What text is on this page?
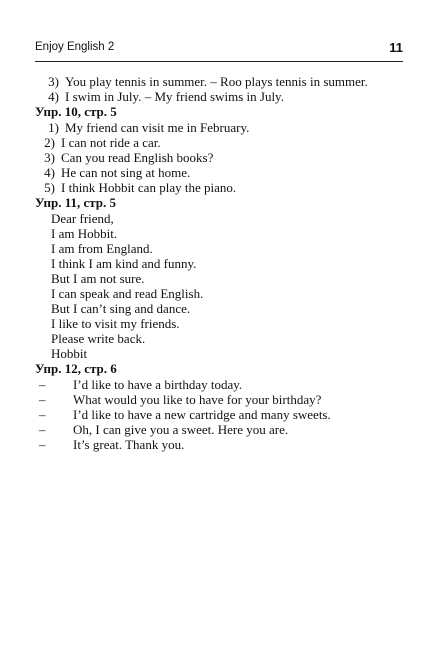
Enjoy English 2	11
3) You play tennis in summer. – Roo plays tennis in summer.
4) I swim in July. – My friend swims in July.
Упр. 10, стр. 5
1) My friend can visit me in February.
2) I can not ride a car.
3) Can you read English books?
4) He can not sing at home.
5) I think Hobbit can play the piano.
Упр. 11, стр. 5
Dear friend,
I am Hobbit.
I am from England.
I think I am kind and funny.
But I am not sure.
I can speak and read English.
But I can’t sing and dance.
I like to visit my friends.
Please write back.
Hobbit
Упр. 12, стр. 6
–	I’d like to have a birthday today.
–	What would you like to have for your birthday?
–	I’d like to have a new cartridge and many sweets.
–	Oh, I can give you a sweet. Here you are.
–	It’s great. Thank you.
